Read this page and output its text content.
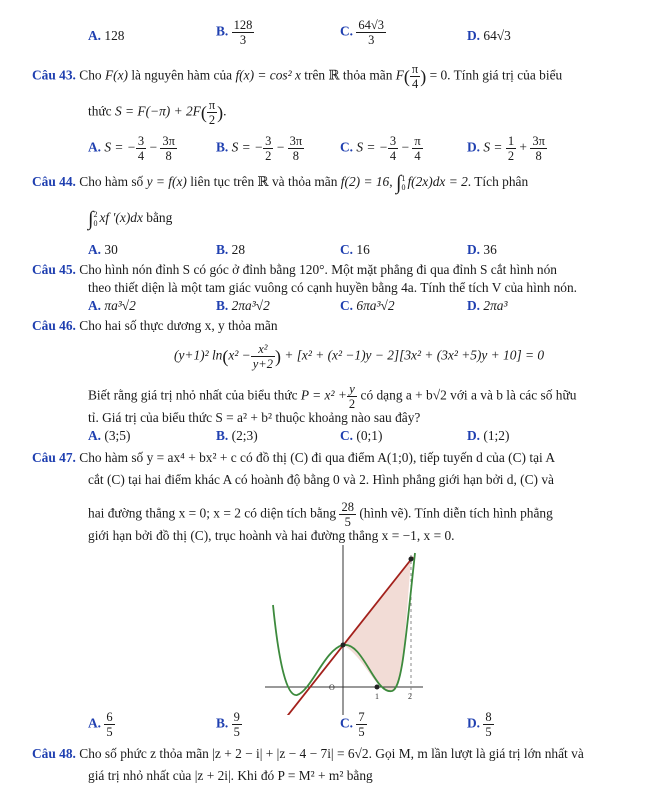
A. 128	B. $\frac{128}{3}$	C. $\frac{64√3}{3}$	D. 64√3
Câu 43. Cho F(x) là nguyên hàm của f(x) = cos² x trên ℝ thỏa mãn $F( \frac{\pi}{4}$ ) = 0. Tính giá trị của biểu
thức $S = F(-\pi) + 2F( \frac{\pi}{2}$ ).
A. S = − $\frac{3}{4} - \frac{3\pi}{8}$	B. S = − $\frac{3}{2} - \frac{3\pi}{8}$	C. S = − $\frac{3}{4} - \frac{\pi}{4}$	D. $S = \frac{1}{2} + \frac{3\pi}{8}$
Câu 44. Cho hàm số y = f(x) liên tục trên ℝ và thỏa mãn f(2) = 16, ∫1
0 f(2x)dx = 2. Tích phân
∫2
0 xf ′(x)dx bằng
A. 30	B. 28	C. 16	D. 36
Câu 45. Cho hình nón đỉnh S có góc ở đỉnh bằng 120°. Một mặt phẳng đi qua đỉnh S cắt hình nón
theo thiết diện là một tam giác vuông có cạnh huyền bằng 4a. Tính thể tích V của hình nón.
A. πa³√2	B. 2πa³√2	C. 6πa³√2	D. 2πa³
Câu 46. Cho hai số thực dương x, y thỏa mãn
(y+1)² $\ln(x^2 - \frac{\text{x²}}{y+2}$ ) + [x² + (x² −1)y − 2][3x² + (3x² +5)y + 10] = 0
Biết rằng giá trị nhỏ nhất của biểu thức $P = x^2 + \frac{y}{2}$ có dạng a + b√2 với a và b là các số hữu
tỉ. Giá trị của biểu thức S = a² + b² thuộc khoảng nào sau đây?
A. (3;5)	B. (2;3)	C. (0;1)	D. (1;2)
Câu 47. Cho hàm số y = ax⁴ + bx² + c có đồ thị (C) đi qua điểm A(1;0), tiếp tuyến d của (C) tại A
cắt (C) tại hai điểm khác A có hoành độ bằng 0 và 2. Hình phẳng giới hạn bởi d, (C) và
hai đường thẳng x = 0; x = 2 có diện tích bằng $\frac{28}{5}$ (hình vẽ). Tính diễn tích hình phẳng
giới hạn bởi đồ thị (C), trục hoành và hai đường thẳng x = −1, x = 0.
O
1	2
A. $\frac{6}{5}$	B. $\frac{9}{5}$	C. $\frac{7}{5}$	D. $\frac{8}{5}$
Câu 48. Cho số phức z thỏa mãn |z + 2 − i| + |z − 4 − 7i| = 6√2. Gọi M, m lần lượt là giá trị lớn nhất và
giá trị nhỏ nhất của |z + 2i|. Khi đó P = M² + m² bằng
